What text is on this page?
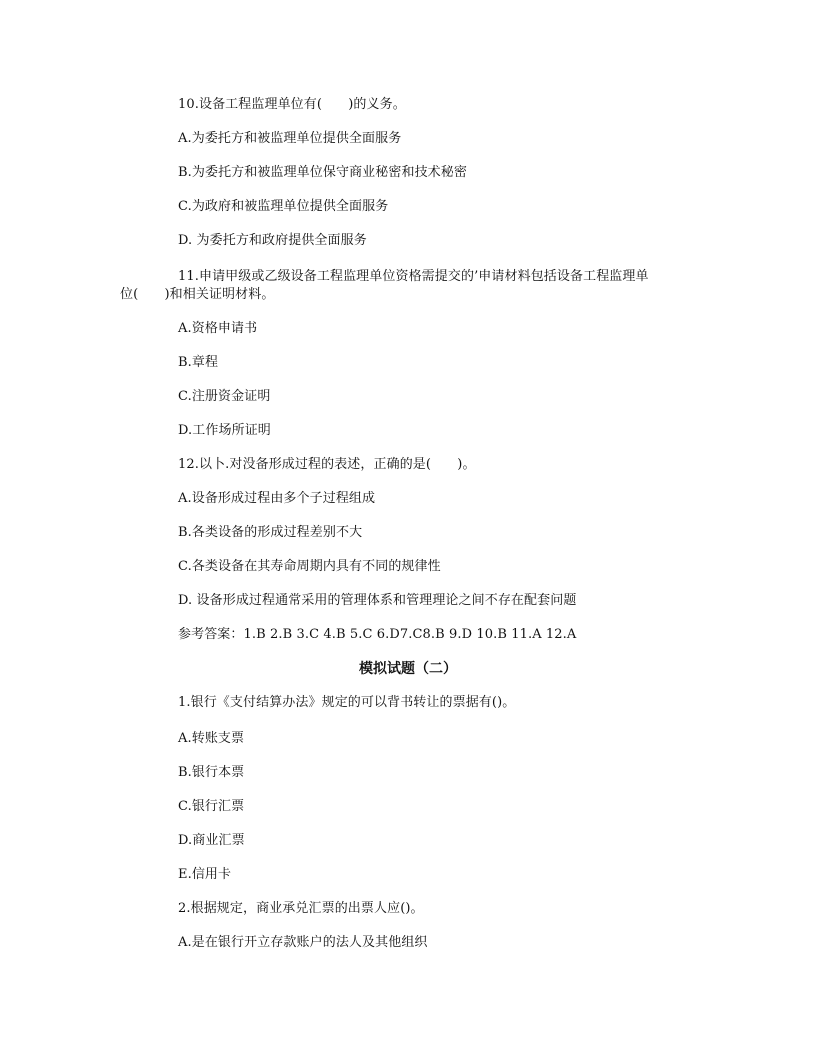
10.设备工程监理单位有(　　)的义务。
A.为委托方和被监理单位提供全面服务
B.为委托方和被监理单位保守商业秘密和技术秘密
C.为政府和被监理单位提供全面服务
D. 为委托方和政府提供全面服务
11.申请甲级或乙级设备工程监理单位资格需提交的’申请材料包括设备工程监理单
位(　　)和相关证明材料。
A.资格申请书
B.章程
C.注册资金证明
D.工作场所证明
12.以卜.对没备形成过程的表述，正确的是(　　)。
A.设备形成过程由多个子过程组成
B.各类设备的形成过程差别不大
C.各类设备在其寿命周期内具有不同的规律性
D. 设备形成过程通常采用的管理体系和管理理论之间不存在配套问题
参考答案：1.B 2.B 3.C 4.B 5.C 6.D7.C8.B 9.D 10.B 11.A 12.A
模拟试题（二）
1.银行《支付结算办法》规定的可以背书转让的票据有()。
A.转账支票
B.银行本票
C.银行汇票
D.商业汇票
E.信用卡
2.根据规定，商业承兑汇票的出票人应()。
A.是在银行开立存款账户的法人及其他组织
